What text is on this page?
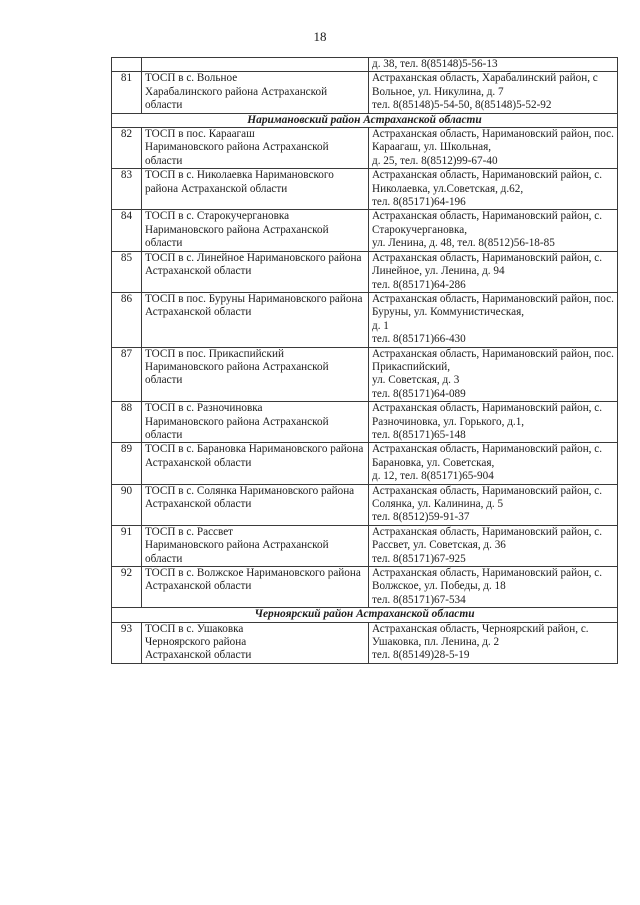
18
		д. 38, тел. 8(85148)5-56-13
81	ТОСП в с. Вольное
Харабалинского района Астраханской области	Астраханская область, Харабалинский район, с Вольное, ул. Никулина, д. 7
тел. 8(85148)5-54-50, 8(85148)5-52-92
Наримановский район Астраханской области		
82	ТОСП в пос. Караагаш
Наримановского района Астраханской области	Астраханская область, Наримановский район, пос. Караагаш, ул. Школьная,
д. 25, тел. 8(8512)99-67-40
83	ТОСП в с. Николаевка Наримановского района Астраханской области	Астраханская область, Наримановский район, с. Николаевка, ул.Советская, д.62,
тел. 8(85171)64-196
84	ТОСП в с. Старокучергановка
Наримановского района Астраханской области	Астраханская область, Наримановский район, с. Старокучергановка,
ул. Ленина, д. 48, тел. 8(8512)56-18-85
85	ТОСП в с. Линейное Наримановского района Астраханской области	Астраханская область, Наримановский район, с. Линейное, ул. Ленина, д. 94
тел. 8(85171)64-286
86	ТОСП в пос. Буруны Наримановского района Астраханской области	Астраханская область, Наримановский район, пос. Буруны, ул. Коммунистическая,
д. 1
тел. 8(85171)66-430
87	ТОСП в пос. Прикаспийский
Наримановского района Астраханской области	Астраханская область, Наримановский район, пос. Прикаспийский,
ул. Советская, д. 3
тел. 8(85171)64-089
88	ТОСП в с. Разночиновка
Наримановского района Астраханской области	Астраханская область, Наримановский район, с. Разночиновка, ул. Горького, д.1,
тел. 8(85171)65-148
89	ТОСП в с. Барановка Наримановского района Астраханской области	Астраханская область, Наримановский район, с. Барановка, ул. Советская,
д. 12, тел. 8(85171)65-904
90	ТОСП в с. Солянка Наримановского района Астраханской области	Астраханская область, Наримановский район, с. Солянка, ул. Калинина, д. 5
тел. 8(8512)59-91-37
91	ТОСП в с. Рассвет
Наримановского района Астраханской области	Астраханская область, Наримановский район, с. Рассвет, ул. Советская, д. 36
тел. 8(85171)67-925
92	ТОСП в с. Волжское Наримановского района Астраханской области	Астраханская область, Наримановский район, с. Волжское, ул. Победы, д. 18
тел. 8(85171)67-534
Черноярский район Астраханской области		
93	ТОСП в с. Ушаковка
Черноярского района
Астраханской области	Астраханская область, Черноярский район, с. Ушаковка, пл. Ленина, д. 2
тел. 8(85149)28-5-19
